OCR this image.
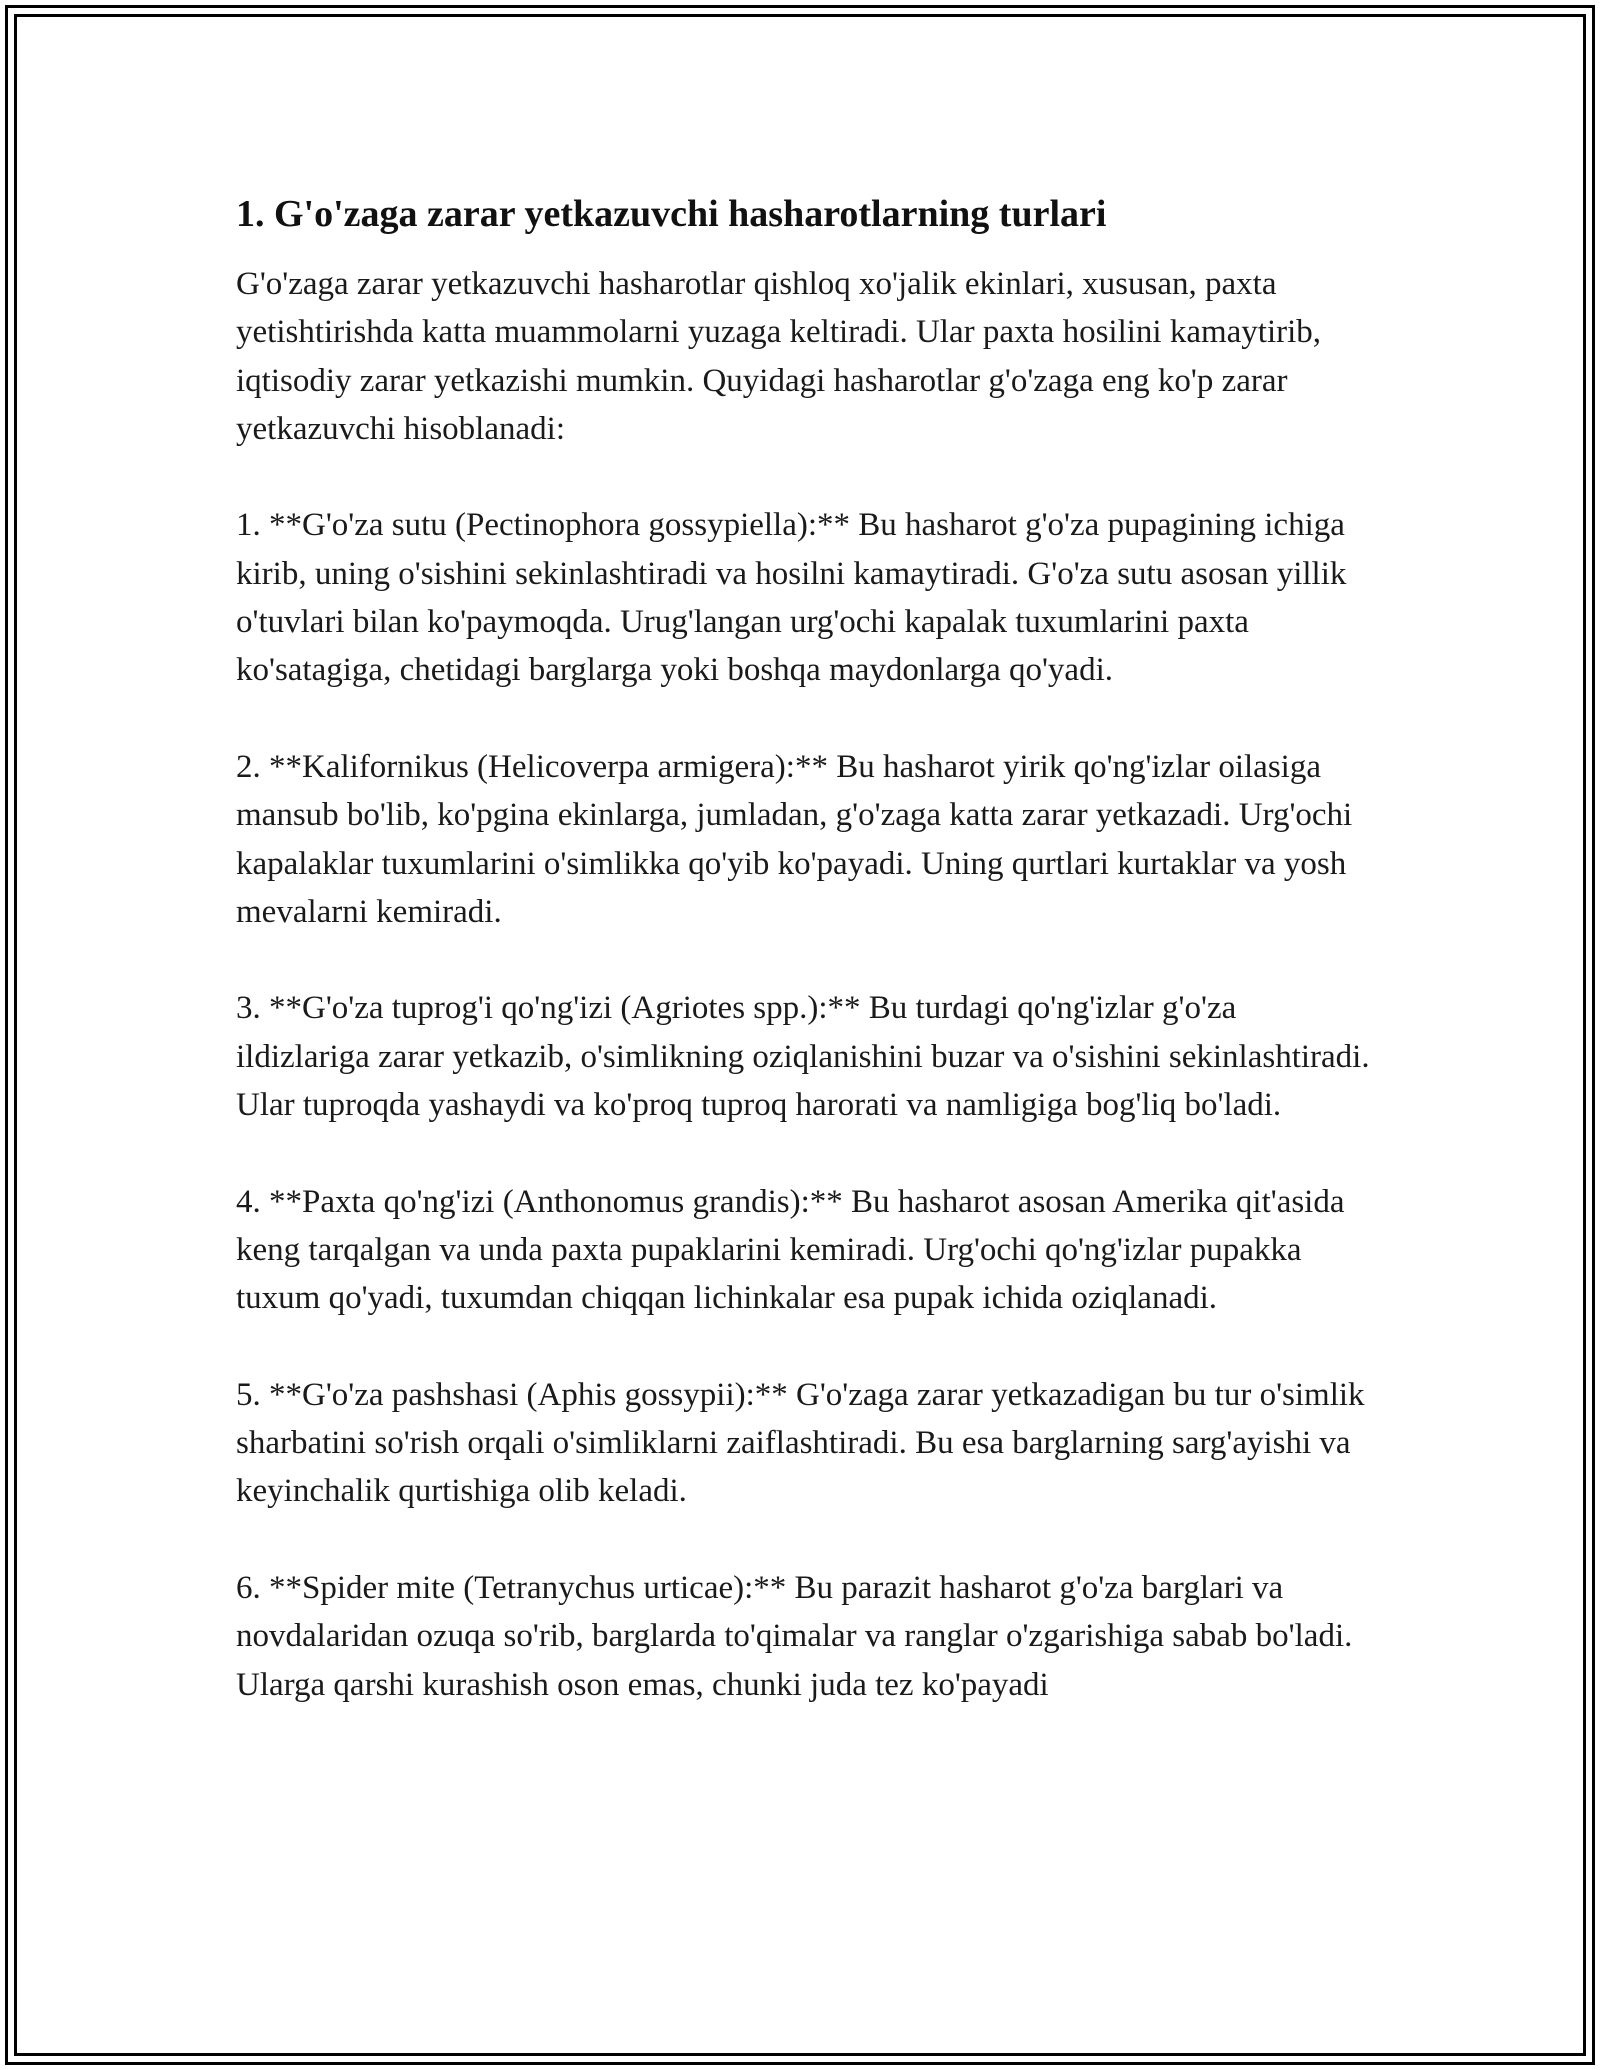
1. G'o'zaga zarar yetkazuvchi hasharotlarning turlari

G'o'zaga zarar yetkazuvchi hasharotlar qishloq xo'jalik ekinlari, xususan, paxta yetishtirishda katta muammolarni yuzaga keltiradi. Ular paxta hosilini kamaytirib, iqtisodiy zarar yetkazishi mumkin. Quyidagi hasharotlar g'o'zaga eng ko'p zarar yetkazuvchi hisoblanadi:

1. **G'o'za sutu (Pectinophora gossypiella):** Bu hasharot g'o'za pupagining ichiga kirib, uning o'sishini sekinlashtiradi va hosilni kamaytiradi. G'o'za sutu asosan yillik o'tuvlari bilan ko'paymoqda. Urug'langan urg'ochi kapalak tuxumlarini paxta ko'satagiga, chetidagi barglarga yoki boshqa maydonlarga qo'yadi.

2. **Kalifornikus (Helicoverpa armigera):** Bu hasharot yirik qo'ng'izlar oilasiga mansub bo'lib, ko'pgina ekinlarga, jumladan, g'o'zaga katta zarar yetkazadi. Urg'ochi kapalaklar tuxumlarini o'simlikka qo'yib ko'payadi. Uning qurtlari kurtaklar va yosh mevalarni kemiradi.

3. **G'o'za tuprog'i qo'ng'izi (Agriotes spp.):** Bu turdagi qo'ng'izlar g'o'za ildizlariga zarar yetkazib, o'simlikning oziqlanishini buzar va o'sishini sekinlashtiradi. Ular tuproqda yashaydi va ko'proq tuproq harorati va namligiga bog'liq bo'ladi.

4. **Paxta qo'ng'izi (Anthonomus grandis):** Bu hasharot asosan Amerika qit'asida keng tarqalgan va unda paxta pupaklarini kemiradi. Urg'ochi qo'ng'izlar pupakka tuxum qo'yadi, tuxumdan chiqqan lichinkalar esa pupak ichida oziqlanadi.

5. **G'o'za pashshasi (Aphis gossypii):** G'o'zaga zarar yetkazadigan bu tur o'simlik sharbatini so'rish orqali o'simliklarni zaiflashtiradi. Bu esa barglarning sarg'ayishi va keyinchalik qurtishiga olib keladi.

6. **Spider mite (Tetranychus urticae):** Bu parazit hasharot g'o'za barglari va novdalaridan ozuqa so'rib, barglarda to'qimalar va ranglar o'zgarishiga sabab bo'ladi. Ularga qarshi kurashish oson emas, chunki juda tez ko'payadi
